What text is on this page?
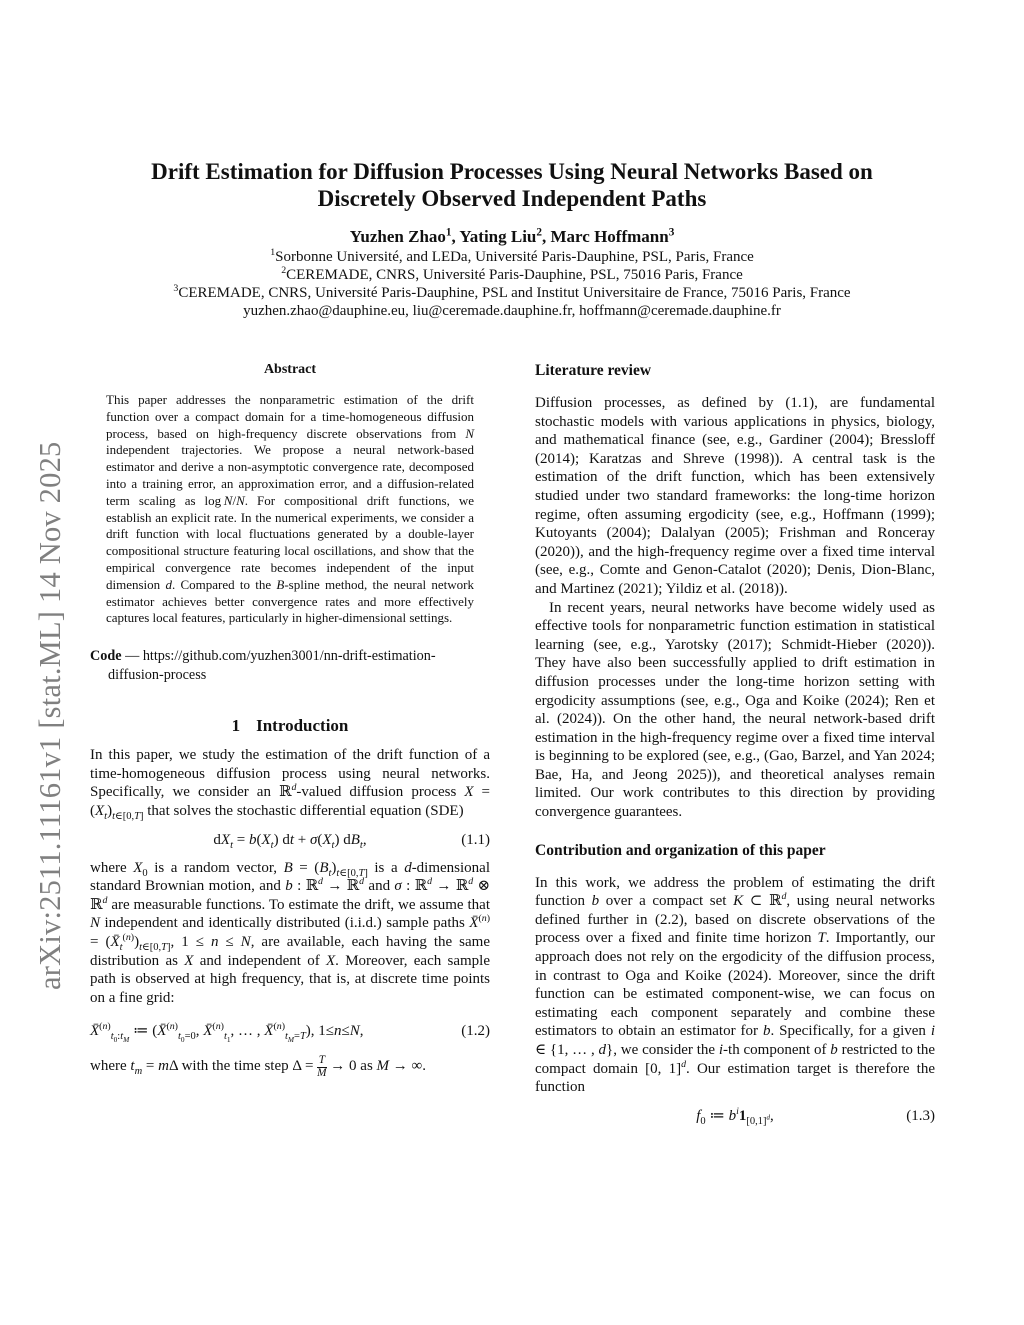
arXiv:2511.11161v1 [stat.ML] 14 Nov 2025
Drift Estimation for Diffusion Processes Using Neural Networks Based on
Discretely Observed Independent Paths
Yuzhen Zhao$^1$, Yating Liu$^2$, Marc Hoffmann$^3$
$^1$Sorbonne Université, and LEDa, Université Paris-Dauphine, PSL, Paris, France
$^2$CEREMADE, CNRS, Université Paris-Dauphine, PSL, 75016 Paris, France
$^3$CEREMADE, CNRS, Université Paris-Dauphine, PSL and Institut Universitaire de France, 75016 Paris, France
yuzhen.zhao@dauphine.eu, liu@ceremade.dauphine.fr, hoffmann@ceremade.dauphine.fr
Abstract

This paper addresses the nonparametric estimation of the drift function over a compact domain for a time-homogeneous diffusion process, based on high-frequency discrete observations from N independent trajectories. We propose a neural network-based estimator and derive a non-asymptotic convergence rate, decomposed into a training error, an approximation error, and a diffusion-related term scaling as log N/N. For compositional drift functions, we establish an explicit rate. In the numerical experiments, we consider a drift function with local fluctuations generated by a double-layer compositional structure featuring local oscillations, and show that the empirical convergence rate becomes independent of the input dimension d. Compared to the B-spline method, the neural network estimator achieves better convergence rates and more effectively captures local features, particularly in higher-dimensional settings.

Code — https://github.com/yuzhen3001/nn-drift-estimation-diffusion-process

1 Introduction

In this paper, we study the estimation of the drift function of a time-homogeneous diffusion process using neural networks. Specifically, we consider an ℝ$^d$-valued diffusion process $X = (X_t)_{t\in[0,T]}$ that solves the stochastic differential equation (SDE)

$dX_t = b(X_t)$ dt + $\sigma(X_t)$ $dB_t$,	(1.1)

where $X_0$ is a random vector, $B = (B_t)_{t\in[0,T]}$ is a d-dimensional standard Brownian motion, and b : ℝ$^d$ → ℝ$^d$ and σ : ℝ$^d$ → ℝ$^d$ ⊗ ℝ$^d$ are measurable functions. To estimate the drift, we assume that N independent and identically distributed (i.i.d.) sample paths X̄$^{(n)}$ = $(X̄_t^{(n)})_{t\in[0,T]}$, 1 ≤ n ≤ N, are available, each having the same distribution as X and independent of X. Moreover, each sample path is observed at high frequency, that is, at discrete time points on a fine grid:

X̄$^{(n)}_{t_0:t_M}$ ≔ (X̄$^{(n)}_{t_0=0}$, X̄$^{(n)}_{t_1}$, … , X̄$^{(n)}_{t_M=T}$), 1≤n≤N,	(1.2)

where $t_m = m\Delta$ with the time step $\Delta = \frac{T}{M} \to 0$ as M → ∞.

Literature review

Diffusion processes, as defined by (1.1), are fundamental stochastic models with various applications in physics, biology, and mathematical finance (see, e.g., Gardiner (2004); Bressloff (2014); Karatzas and Shreve (1998)). A central task is the estimation of the drift function, which has been extensively studied under two standard frameworks: the long-time horizon regime, often assuming ergodicity (see, e.g., Hoffmann (1999); Kutoyants (2004); Dalalyan (2005); Frishman and Ronceray (2020)), and the high-frequency regime over a fixed time interval (see, e.g., Comte and Genon-Catalot (2020); Denis, Dion-Blanc, and Martinez (2021); Yildiz et al. (2018)).

In recent years, neural networks have become widely used as effective tools for nonparametric function estimation in statistical learning (see, e.g., Yarotsky (2017); Schmidt-Hieber (2020)). They have also been successfully applied to drift estimation in diffusion processes under the long-time horizon setting with ergodicity assumptions (see, e.g., Oga and Koike (2024); Ren et al. (2024)). On the other hand, the neural network-based drift estimation in the high-frequency regime over a fixed time interval is beginning to be explored (see, e.g., (Gao, Barzel, and Yan 2024; Bae, Ha, and Jeong 2025)), and theoretical analyses remain limited. Our work contributes to this direction by providing convergence guarantees.

Contribution and organization of this paper

In this work, we address the problem of estimating the drift function b over a compact set K ⊂ ℝ$^d$, using neural networks defined further in (2.2), based on discrete observations of the process over a fixed and finite time horizon T. Importantly, our approach does not rely on the ergodicity of the diffusion process, in contrast to Oga and Koike (2024). Moreover, since the drift function can be estimated component-wise, we can focus on estimating each component separately and combine these estimators to obtain an estimator for b. Specifically, for a given i ∈ {1, … , d}, we consider the i-th component of b restricted to the compact domain [0, 1]$^d$. Our estimation target is therefore the function

$f_0$ ≔ $b^i1_{[0,1]^d}$,	(1.3)
